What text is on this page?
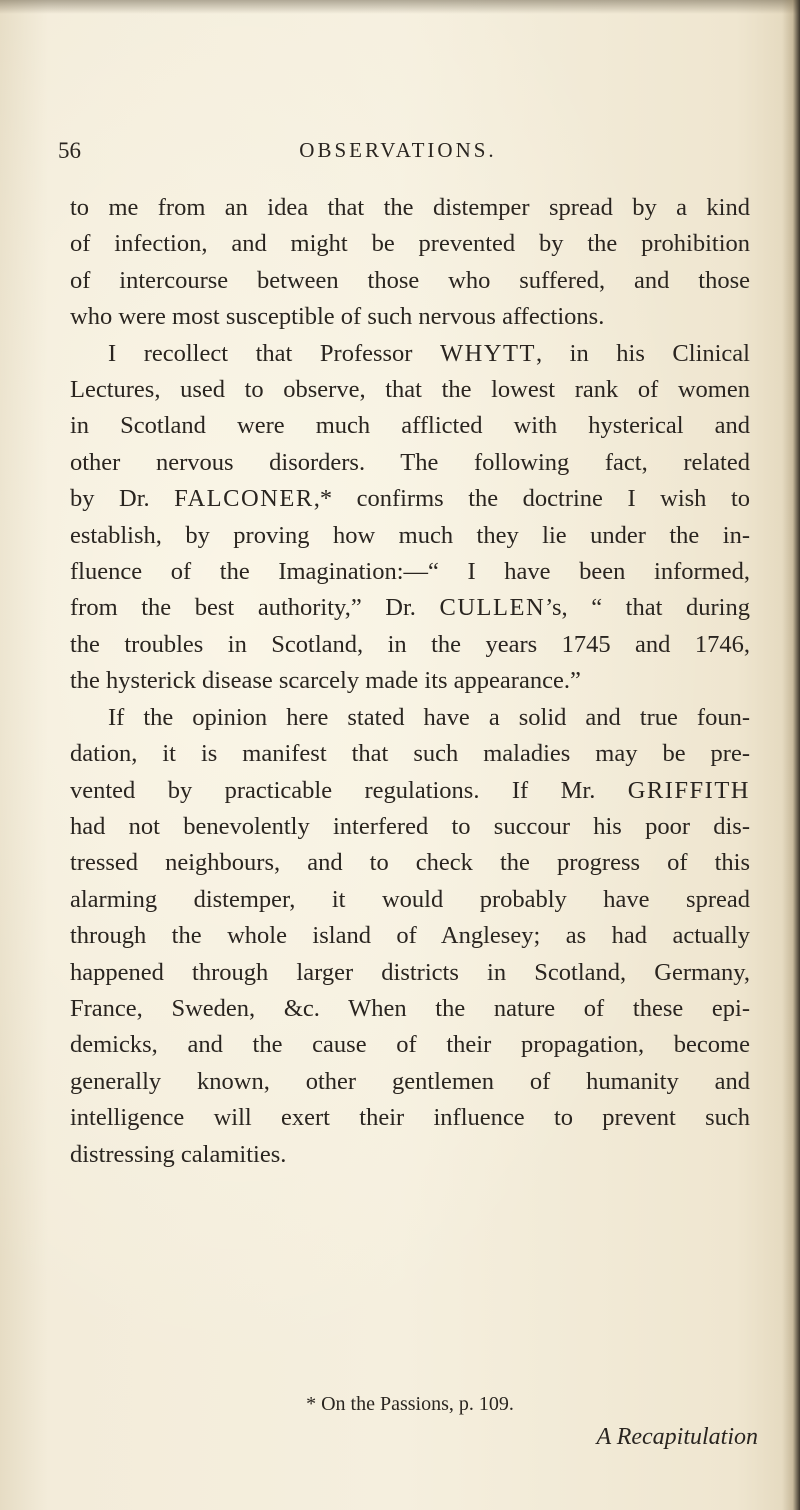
56	OBSERVATIONS.
to me from an idea that the distemper spread by a kind
of infection, and might be prevented by the prohibition
of intercourse between those who suffered, and those
who were most susceptible of such nervous affections.
I recollect that Professor WHYTT, in his Clinical
Lectures, used to observe, that the lowest rank of women
in Scotland were much afflicted with hysterical and
other nervous disorders. The following fact, related
by Dr. FALCONER,* confirms the doctrine I wish to
establish, by proving how much they lie under the in-
fluence of the Imagination:—“ I have been informed,
from the best authority,” Dr. CULLEN’s, “ that during
the troubles in Scotland, in the years 1745 and 1746,
the hysterick disease scarcely made its appearance.”
If the opinion here stated have a solid and true foun-
dation, it is manifest that such maladies may be pre-
vented by practicable regulations. If Mr. GRIFFITH
had not benevolently interfered to succour his poor dis-
tressed neighbours, and to check the progress of this
alarming distemper, it would probably have spread
through the whole island of Anglesey; as had actually
happened through larger districts in Scotland, Germany,
France, Sweden, &c. When the nature of these epi-
demicks, and the cause of their propagation, become
generally known, other gentlemen of humanity and
intelligence will exert their influence to prevent such
distressing calamities.
* On the Passions, p. 109.
A Recapitulation
